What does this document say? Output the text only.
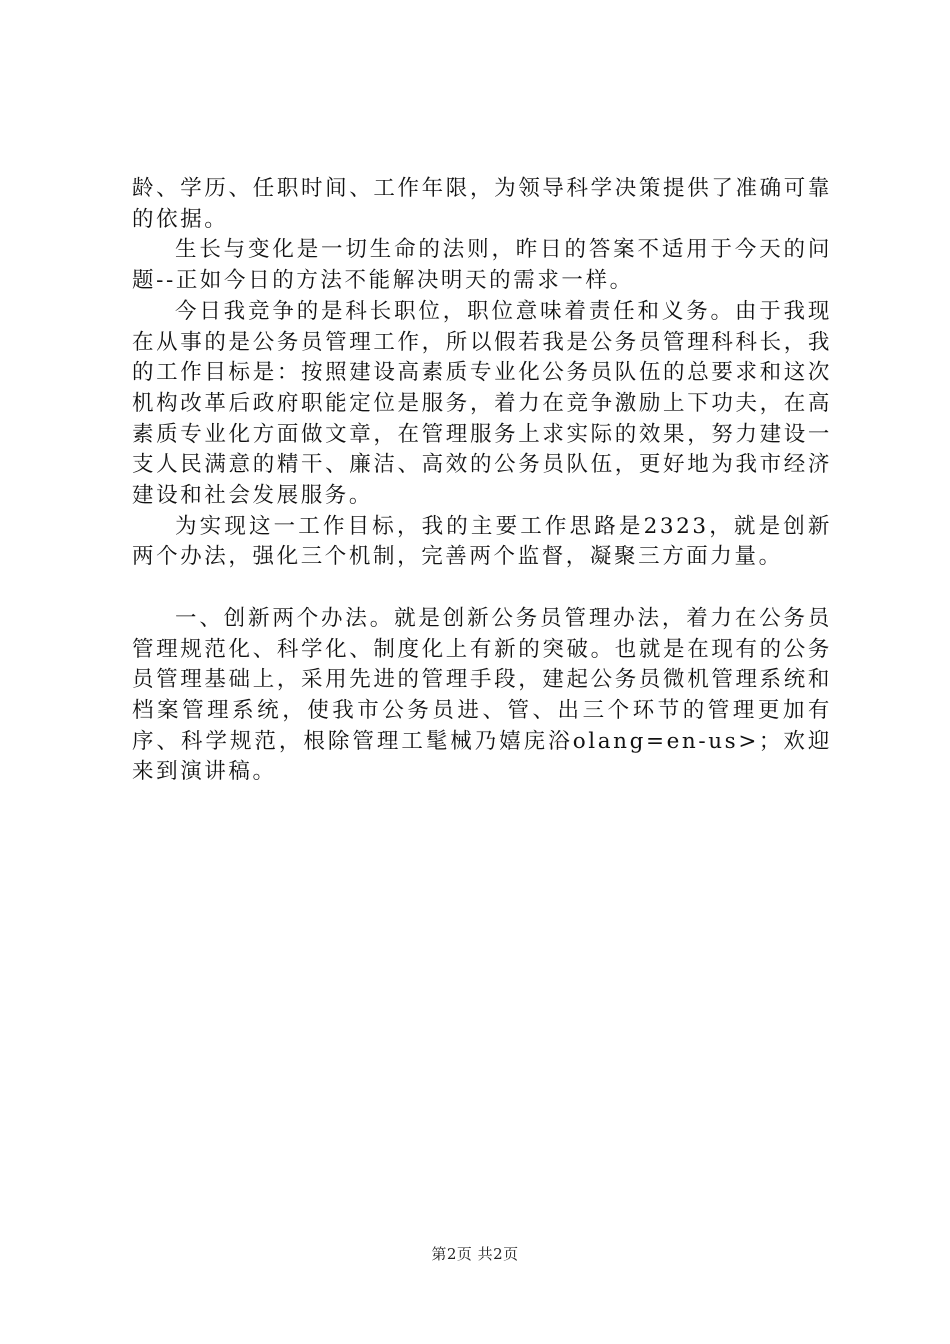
龄、学历、任职时间、工作年限，为领导科学决策提供了准确可靠的依据。

生长与变化是一切生命的法则，昨日的答案不适用于今天的问题--正如今日的方法不能解决明天的需求一样。

今日我竞争的是科长职位，职位意味着责任和义务。由于我现在从事的是公务员管理工作，所以假若我是公务员管理科科长，我的工作目标是：按照建设高素质专业化公务员队伍的总要求和这次机构改革后政府职能定位是服务，着力在竞争激励上下功夫，在高素质专业化方面做文章，在管理服务上求实际的效果，努力建设一支人民满意的精干、廉洁、高效的公务员队伍，更好地为我市经济建设和社会发展服务。

为实现这一工作目标，我的主要工作思路是2323，就是创新两个办法，强化三个机制，完善两个监督，凝聚三方面力量。

一、创新两个办法。就是创新公务员管理办法，着力在公务员管理规范化、科学化、制度化上有新的突破。也就是在现有的公务员管理基础上，采用先进的管理手段，建起公务员微机管理系统和档案管理系统，使我市公务员进、管、出三个环节的管理更加有序、科学规范，根除管理工髦械乃嬉庑浴olang=en-us>；欢迎来到演讲稿。

第2页 共2页
